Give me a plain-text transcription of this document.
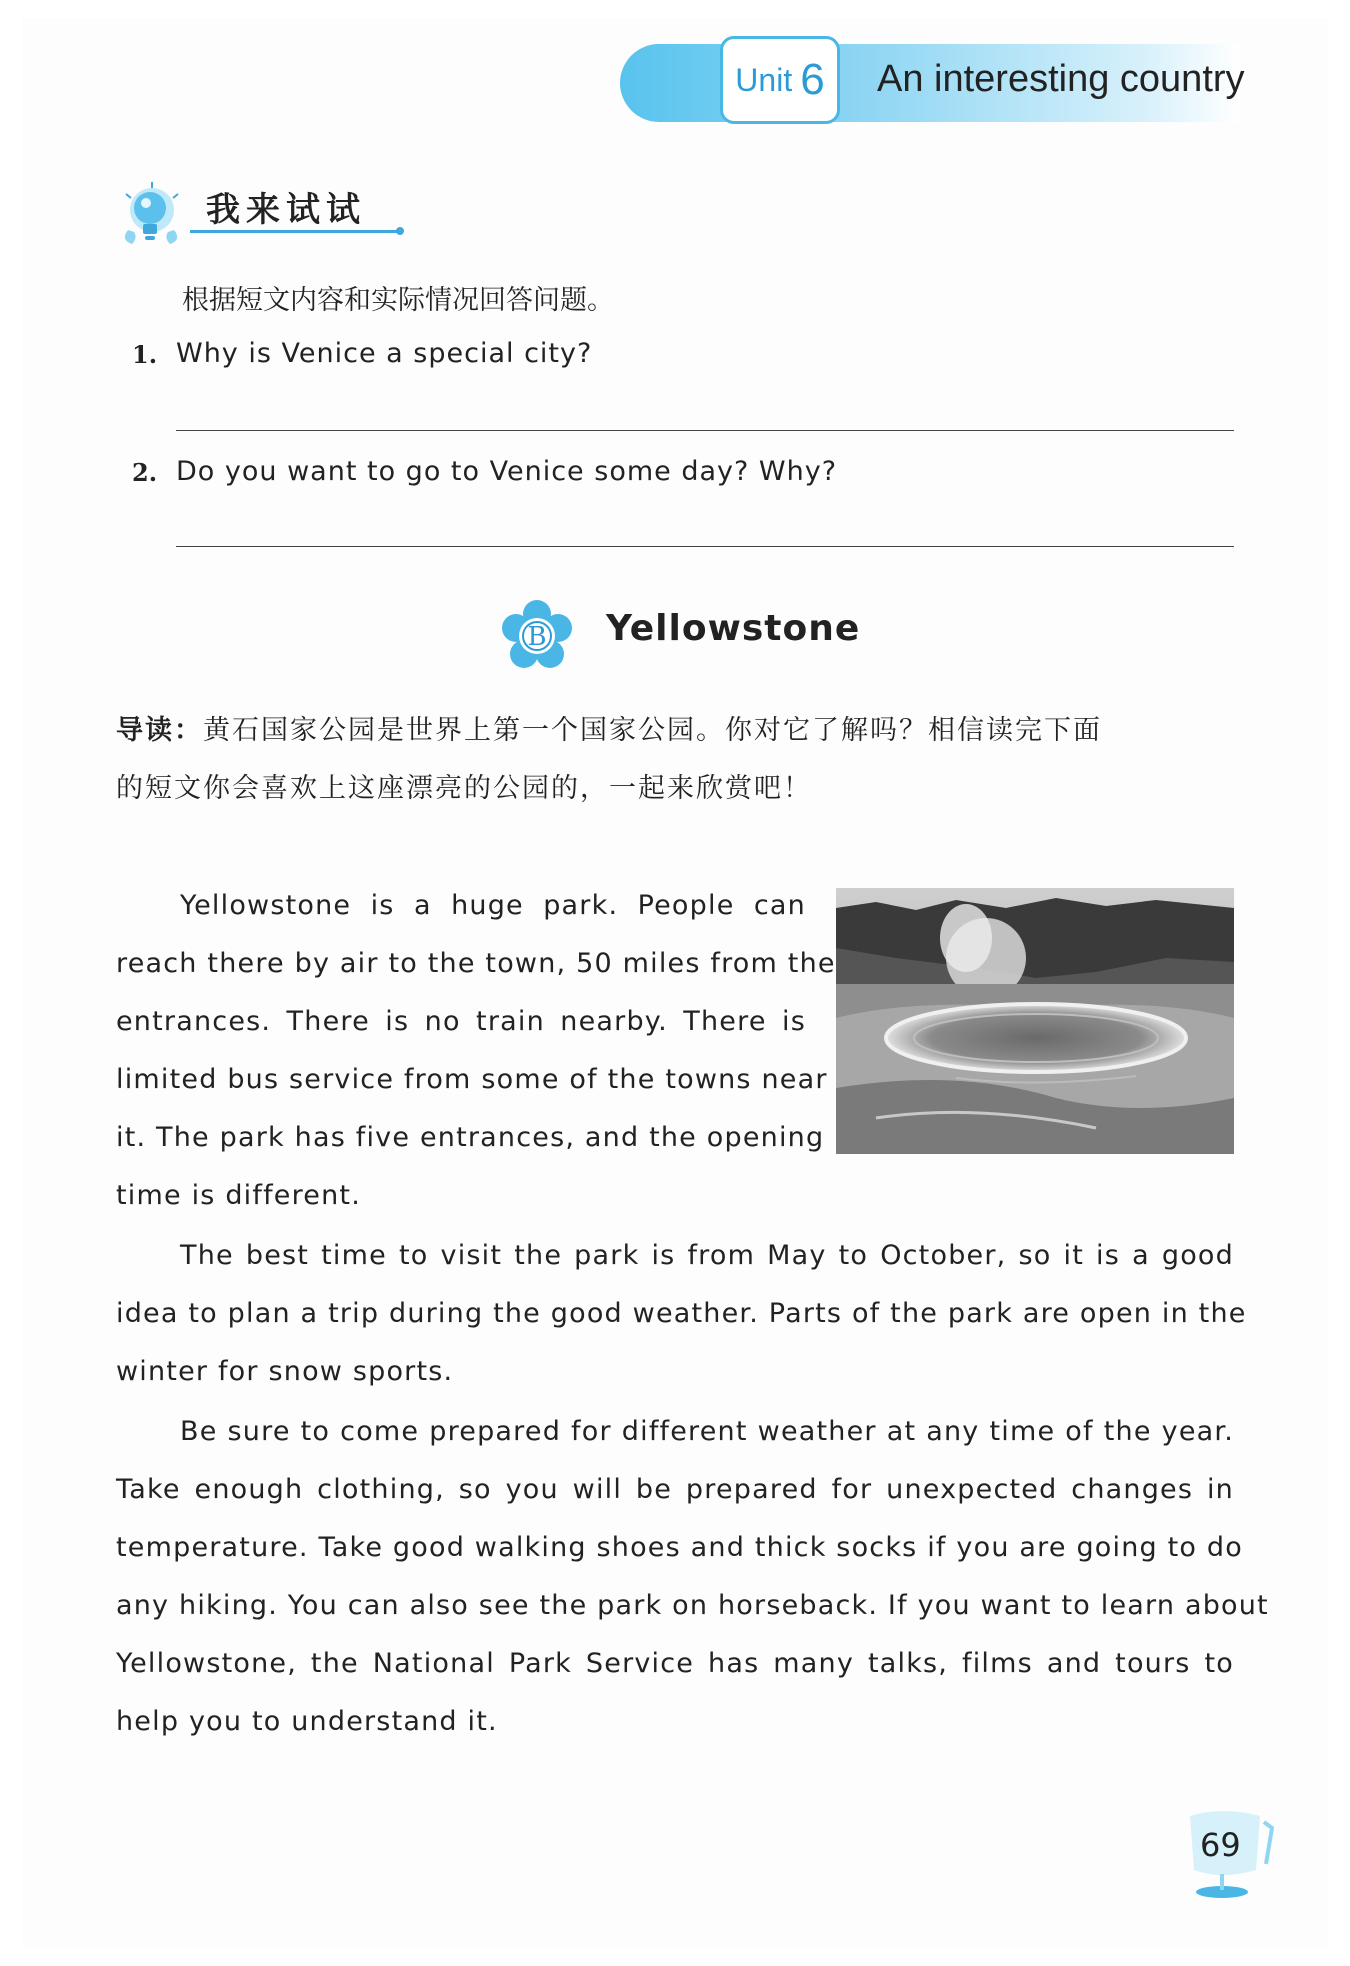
Unit 6 An interesting country
我来试试
根据短文内容和实际情况回答问题。
1. Why is Venice a special city?
2. Do you want to go to Venice some day? Why?
B Yellowstone
导读：黄石国家公园是世界上第一个国家公园。你对它了解吗？相信读完下面
的短文你会喜欢上这座漂亮的公园的，一起来欣赏吧！
Yellowstone is a huge park. People can
reach there by air to the town, 50 miles from the
entrances. There is no train nearby. There is
limited bus service from some of the towns near
it. The park has five entrances, and the opening
time is different.
The best time to visit the park is from May to October, so it is a good
idea to plan a trip during the good weather. Parts of the park are open in the
winter for snow sports.
Be sure to come prepared for different weather at any time of the year.
Take enough clothing, so you will be prepared for unexpected changes in
temperature. Take good walking shoes and thick socks if you are going to do
any hiking. You can also see the park on horseback. If you want to learn about
Yellowstone, the National Park Service has many talks, films and tours to
help you to understand it.
69
